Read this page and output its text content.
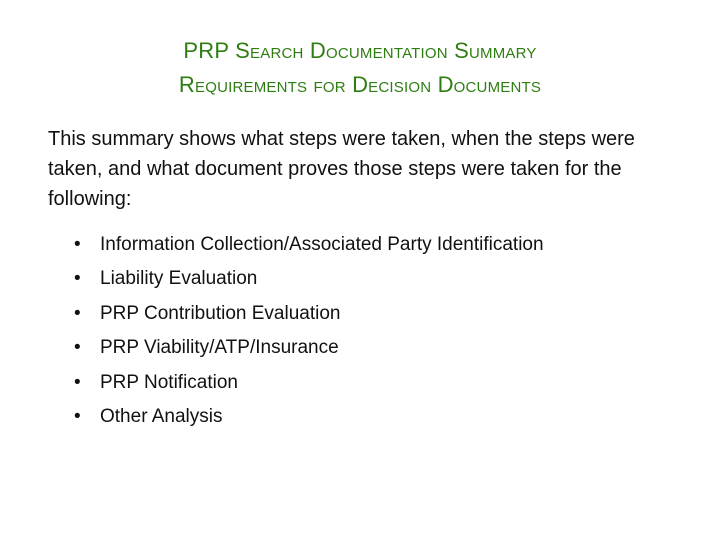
PRP Search Documentation Summary
Requirements for Decision Documents
This summary shows what steps were taken, when the steps were taken, and what document proves those steps were taken for the following:
• Information Collection/Associated Party Identification
• Liability Evaluation
• PRP Contribution Evaluation
• PRP Viability/ATP/Insurance
• PRP Notification
• Other Analysis
